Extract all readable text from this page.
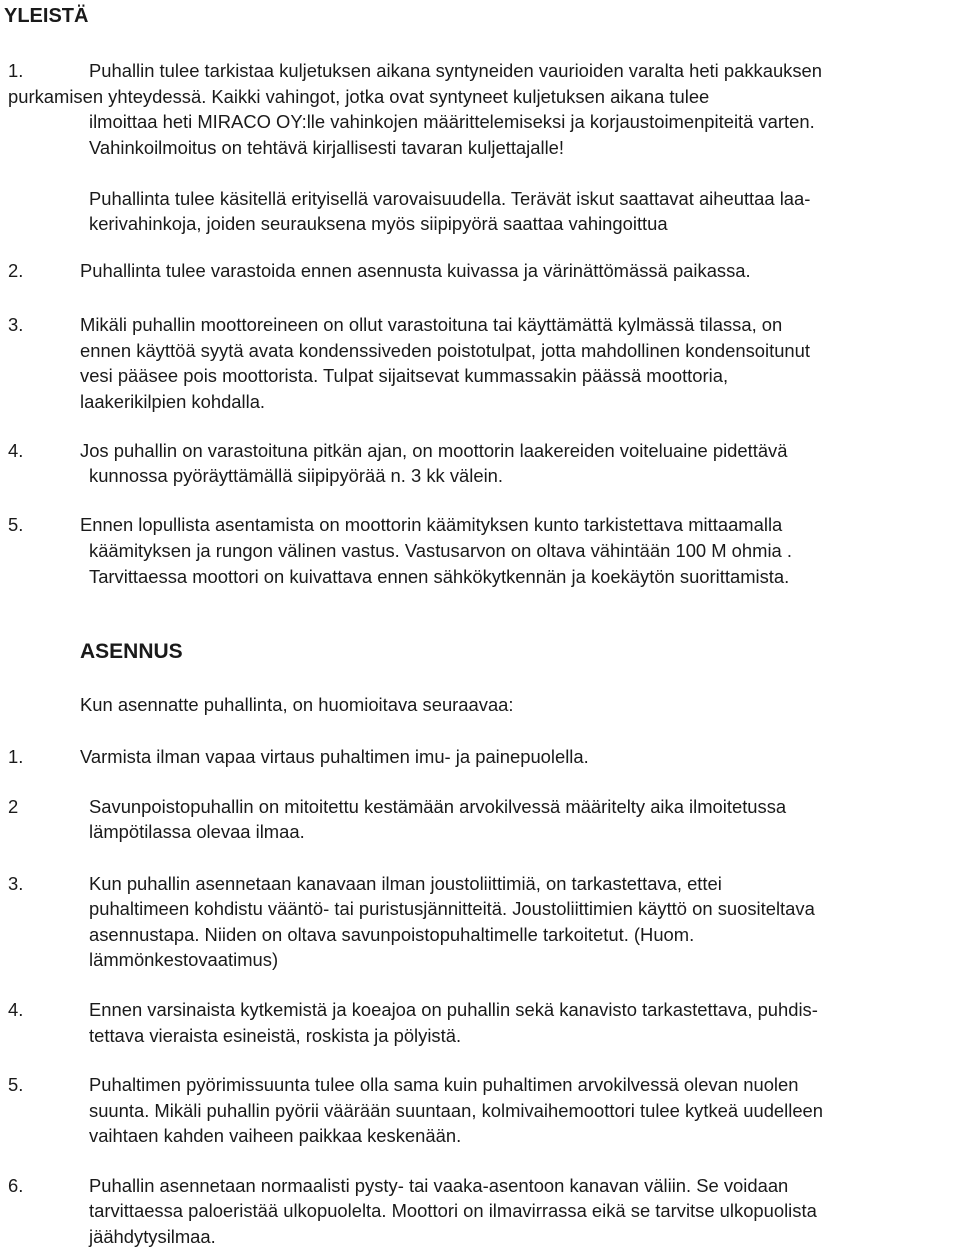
YLEISTÄ
1.	Puhallin tulee tarkistaa kuljetuksen aikana syntyneiden vaurioiden varalta heti pakkauksen
purkamisen yhteydessä. Kaikki vahingot, jotka ovat syntyneet kuljetuksen aikana tulee
ilmoittaa heti MIRACO OY:lle vahinkojen määrittelemiseksi ja korjaustoimenpiteitä varten.
Vahinkoilmoitus on tehtävä kirjallisesti tavaran kuljettajalle!
Puhallinta tulee käsitellä erityisellä varovaisuudella. Terävät iskut saattavat aiheuttaa laa-
kerivahinkoja, joiden seurauksena myös siipipyörä saattaa vahingoittua
2.	Puhallinta tulee varastoida ennen asennusta kuivassa ja värinättömässä paikassa.
3.	Mikäli puhallin moottoreineen on ollut varastoituna tai käyttämättä kylmässä tilassa, on
ennen käyttöä syytä avata kondenssiveden poistotulpat, jotta mahdollinen kondensoitunut
vesi pääsee pois moottorista. Tulpat sijaitsevat kummassakin päässä moottoria,
laakerikilpien kohdalla.
4.	Jos puhallin on varastoituna pitkän ajan, on moottorin laakereiden voiteluaine pidettävä
kunnossa pyöräyttämällä siipipyörää n. 3 kk välein.
5.	Ennen lopullista asentamista on moottorin käämityksen kunto tarkistettava mittaamalla
käämityksen ja rungon välinen vastus. Vastusarvon on oltava vähintään 100 M ohmia .
Tarvittaessa moottori on kuivattava ennen sähkökytkennän ja koekäytön suorittamista.
ASENNUS
Kun asennatte puhallinta, on huomioitava seuraavaa:
1.	Varmista ilman vapaa virtaus puhaltimen imu- ja painepuolella.
2	Savunpoistopuhallin on mitoitettu kestämään arvokilvessä määritelty aika ilmoitetussa
lämpötilassa olevaa ilmaa.
3.	Kun puhallin asennetaan kanavaan ilman joustoliittimiä, on tarkastettava, ettei
puhaltimeen kohdistu vääntö- tai puristusjännitteitä. Joustoliittimien käyttö on suositeltava
asennustapa. Niiden on oltava savunpoistopuhaltimelle tarkoitetut. (Huom.
lämmönkestovaatimus)
4.	Ennen varsinaista kytkemistä ja koeajoa on puhallin sekä kanavisto tarkastettava, puhdis-
tettava vieraista esineistä, roskista ja pölyistä.
5.	Puhaltimen pyörimissuunta tulee olla sama kuin puhaltimen arvokilvessä olevan nuolen
suunta. Mikäli puhallin pyörii väärään suuntaan, kolmivaihemoottori tulee kytkeä uudelleen
vaihtaen kahden vaiheen paikkaa keskenään.
6.	Puhallin asennetaan normaalisti pysty- tai vaaka-asentoon kanavan väliin. Se voidaan
tarvittaessa paloeristää ulkopuolelta. Moottori on ilmavirrassa eikä se tarvitse ulkopuolista
jäähdytysilmaa.
